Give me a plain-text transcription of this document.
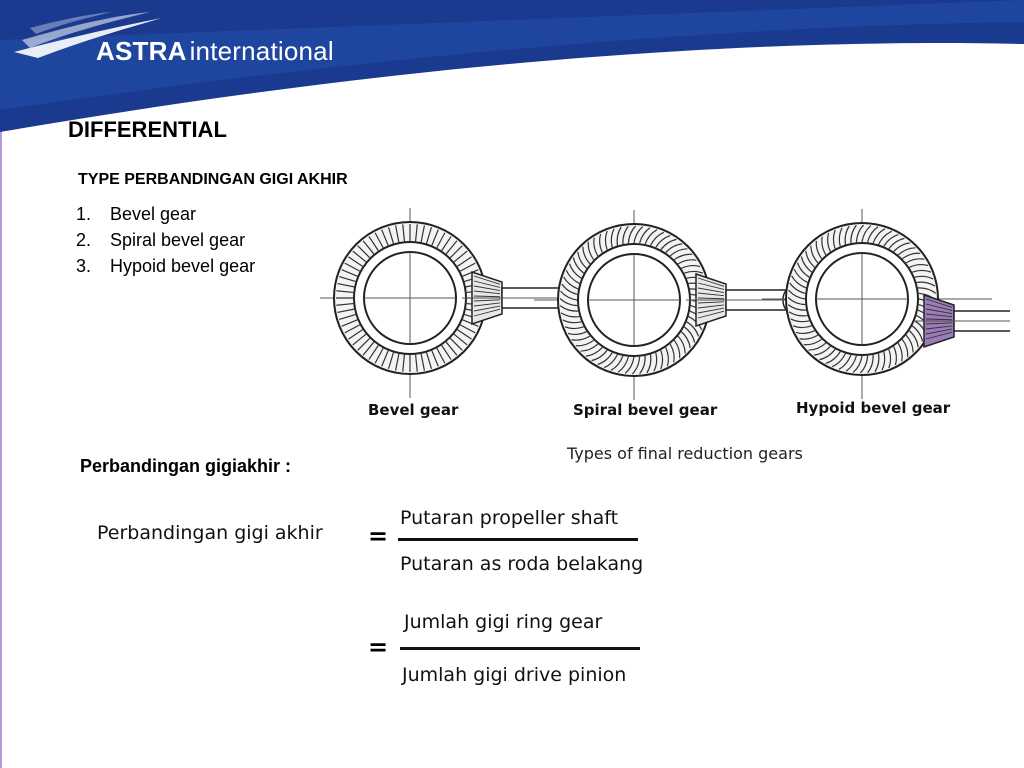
ASTRA international
DIFFERENTIAL
TYPE PERBANDINGAN GIGI AKHIR
1.	Bevel gear
2.	Spiral bevel gear
3.	Hypoid bevel gear
Bevel gear	Spiral bevel gear	Hypoid bevel gear
Types of final reduction gears
Perbandingan gigiakhir :
Perbandingan gigi akhir =
Putaran propeller shaft
Putaran as roda belakang
=
Jumlah gigi ring gear
Jumlah gigi drive pinion
